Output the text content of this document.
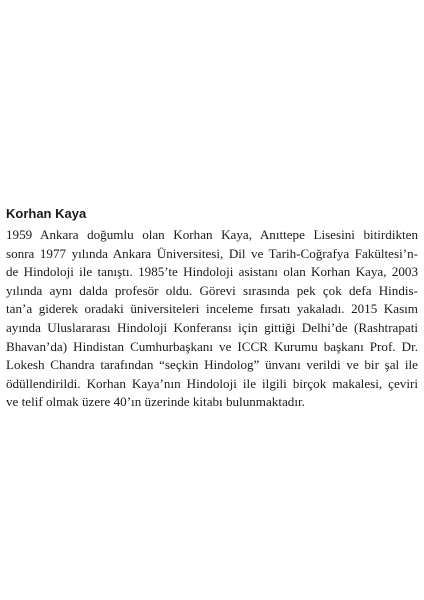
Korhan Kaya
1959 Ankara doğumlu olan Korhan Kaya, Anıttepe Lisesini bitirdikten
sonra 1977 yılında Ankara Üniversitesi, Dil ve Tarih-Coğrafya Fakültesi’n-
de Hindoloji ile tanıştı. 1985’te Hindoloji asistanı olan Korhan Kaya, 2003
yılında aynı dalda profesör oldu. Görevi sırasında pek çok defa Hindis-
tan’a giderek oradaki üniversiteleri inceleme fırsatı yakaladı. 2015 Kasım
ayında Uluslararası Hindoloji Konferansı için gittiği Delhi’de (Rashtrapati
Bhavan’da) Hindistan Cumhurbaşkanı ve ICCR Kurumu başkanı Prof. Dr.
Lokesh Chandra tarafından “seçkin Hindolog” ünvanı verildi ve bir şal ile
ödüllendirildi. Korhan Kaya’nın Hindoloji ile ilgili birçok makalesi, çeviri
ve telif olmak üzere 40’ın üzerinde kitabı bulunmaktadır.
